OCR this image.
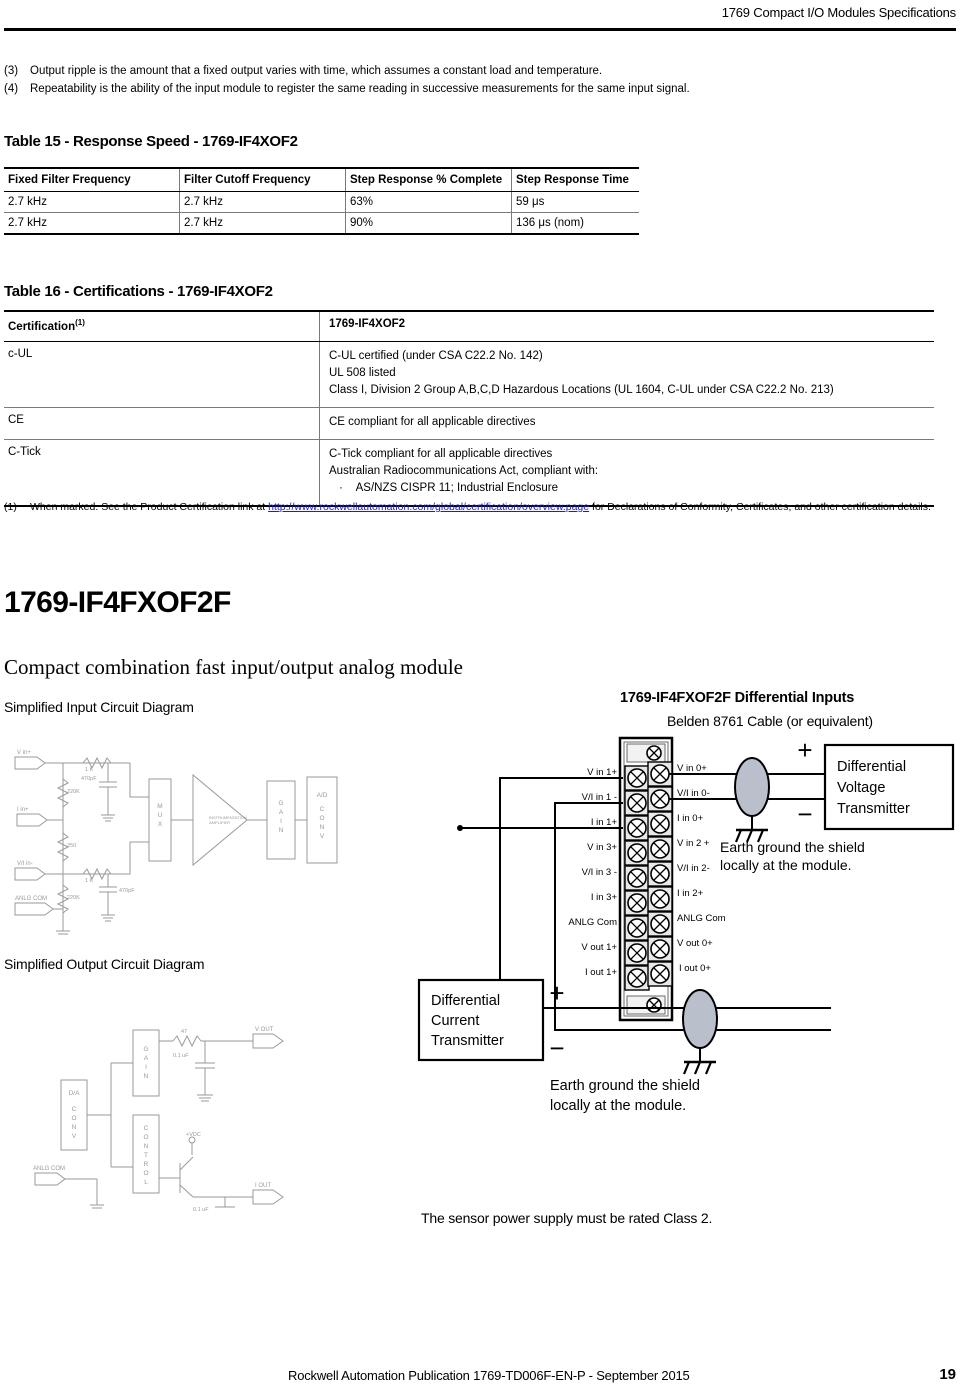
1769 Compact I/O Modules Specifications
(3)	Output ripple is the amount that a fixed output varies with time, which assumes a constant load and temperature.
(4)	Repeatability is the ability of the input module to register the same reading in successive measurements for the same input signal.
Table 15 - Response Speed - 1769-IF4XOF2
Fixed Filter Frequency	Filter Cutoff Frequency	Step Response % Complete	Step Response Time
2.7 kHz	2.7 kHz	63%	59 μs
2.7 kHz	2.7 kHz	90%	136 μs (nom)
Table 16 - Certifications - 1769-IF4XOF2
Certification$^{(1)}$	1769-IF4XOF2
c-UL	C-UL certified (under CSA C22.2 No. 142)
UL 508 listed
Class I, Division 2 Group A,B,C,D Hazardous Locations (UL 1604, C-UL under CSA C22.2 No. 213)

CE	CE compliant for all applicable directives

C-Tick	C-Tick compliant for all applicable directives
Australian Radiocommunications Act, compliant with:
·    AS/NZS CISPR 11; Industrial Enclosure
(1)	When marked. See the Product Certification link at http://www.rockwellautomation.com/global/certification/overview.page for Declarations of Conformity, Certificates, and other certification details.
1769-IF4FXOF2F
Compact combination fast input/output analog module
Simplified Input Circuit Diagram
Simplified Output Circuit Diagram
1769-IF4FXOF2F Differential Inputs
Belden 8761 Cable (or equivalent)
V in+
I in+
V/I in-
ANLG COM
220K
250
220K
1 K
1 K
470pF
470pF
M
U
X
INSTRUMENTATION
AMPLIFIER
G
A
I
N
A/D
C
O
N
V
D/A
C
O
N
V
G
A
I
N
C
O
N
T
R
O
L
47
0.1 uF
+VDC
0.1 uF
V OUT
I OUT
ANLG COM
V in 1+
V/I in 1 -
I in 1+
V in 3+
V/I in 3 -
I in 3+
ANLG Com
V out 1+
I out 1+
V in 0+
V/I in 0-
I in 0+
V in 2 +
V/I in 2-
I in 2+
ANLG Com
V out 0+
I out 0+
Differential
Voltage
Transmitter
+
−
Earth ground the shield
locally at the module.
Differential
Current
Transmitter
+
−
Earth ground the shield
locally at the module.
The sensor power supply must be rated Class 2.
Rockwell Automation Publication 1769-TD006F-EN-P - September 2015	19
